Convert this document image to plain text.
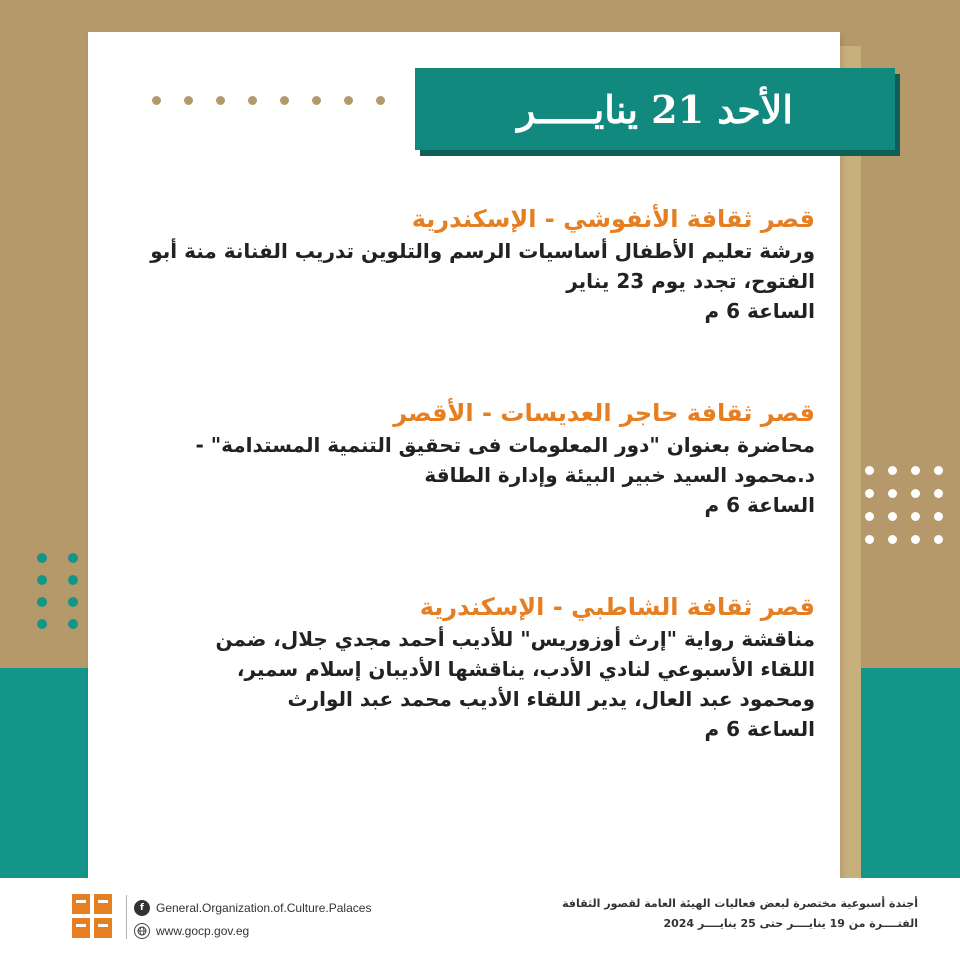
الأحد 21 ينايـــــر
قصر ثقافة الأنفوشي - الإسكندرية
ورشة تعليم الأطفال أساسيات الرسم والتلوين تدريب الفنانة منة أبو
الفتوح، تجدد يوم 23 يناير
الساعة 6 م
قصر ثقافة حاجر العديسات - الأقصر
محاضرة بعنوان "دور المعلومات فى تحقيق التنمية المستدامة" -
د.محمود السيد خبير البيئة وإدارة الطاقة
الساعة 6 م
قصر ثقافة الشاطبي - الإسكندرية
مناقشة رواية "إرث أوزوريس" للأديب أحمد مجدي جلال، ضمن
اللقاء الأسبوعي لنادي الأدب، يناقشها الأديبان إسلام سمير،
ومحمود عبد العال، يدير اللقاء الأديب محمد عبد الوارث
الساعة 6 م
f	General.Organization.of.Culture.Palaces
www.gocp.gov.eg
أجندة أسبوعية مختصرة لبعض فعاليات الهيئة العامة لقصور الثقافة
الفتــــرة من 19 ينايــــر حتى 25 ينايــــر 2024
